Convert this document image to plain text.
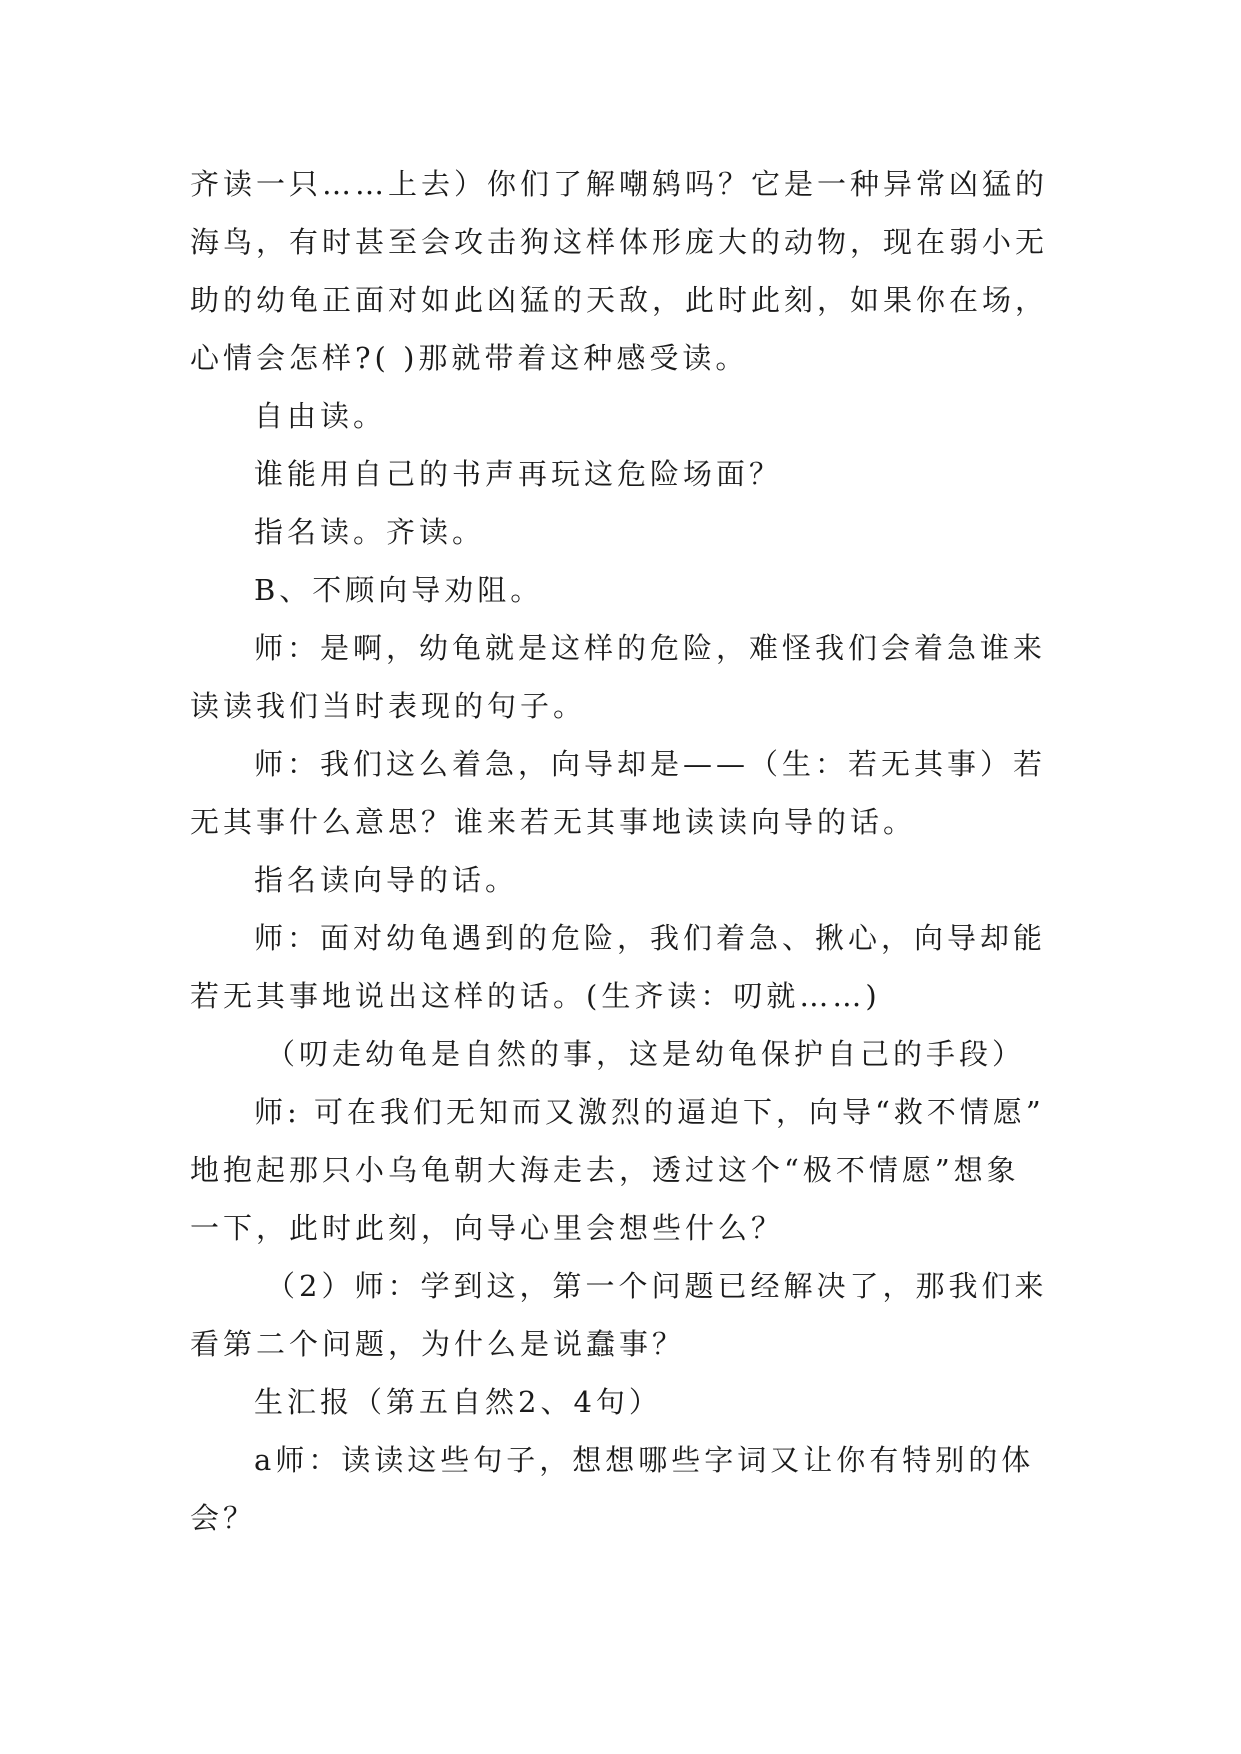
齐读一只……上去）你们了解嘲鸫吗？它是一种异常凶猛的
海鸟，有时甚至会攻击狗这样体形庞大的动物，现在弱小无
助的幼龟正面对如此凶猛的天敌，此时此刻，如果你在场，
心情会怎样?( )那就带着这种感受读。

自由读。

谁能用自己的书声再玩这危险场面？

指名读。齐读。

B、不顾向导劝阻。

师：是啊，幼龟就是这样的危险，难怪我们会着急谁来
读读我们当时表现的句子。

师：我们这么着急，向导却是——（生：若无其事）若
无其事什么意思？谁来若无其事地读读向导的话。

指名读向导的话。

师：面对幼龟遇到的危险，我们着急、揪心，向导却能
若无其事地说出这样的话。(生齐读：叨就……)

（叨走幼龟是自然的事，这是幼龟保护自己的手段）

师: 可在我们无知而又激烈的逼迫下，向导“救不情愿”
地抱起那只小乌龟朝大海走去，透过这个“极不情愿”想象
一下，此时此刻，向导心里会想些什么？

（2）师：学到这，第一个问题已经解决了，那我们来
看第二个问题，为什么是说蠢事？

生汇报（第五自然2、4句）

a师：读读这些句子，想想哪些字词又让你有特别的体
会？
